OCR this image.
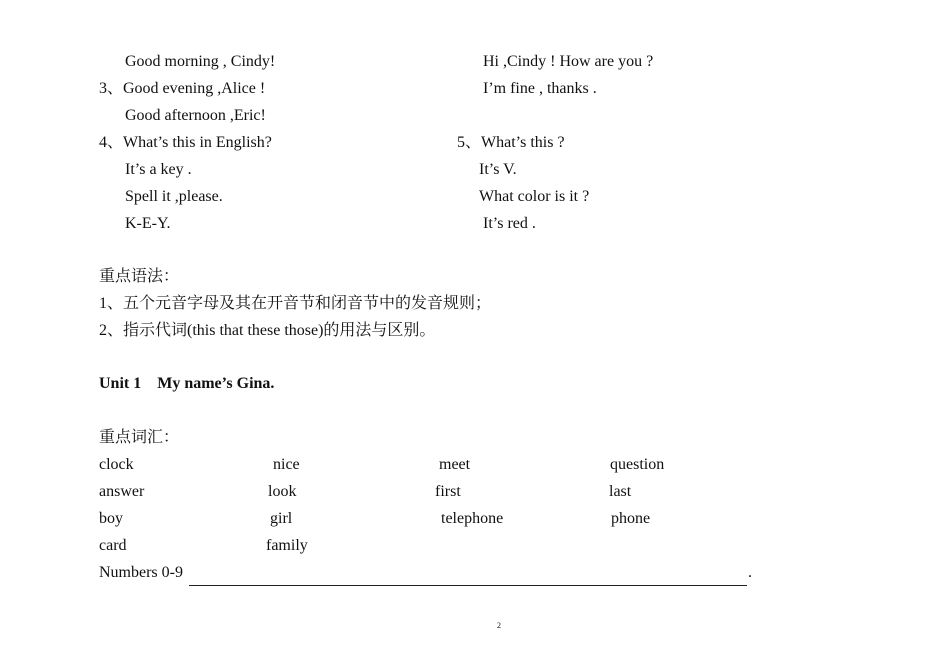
Good morning , Cindy!	Hi ,Cindy ! How are you ?
3、Good evening ,Alice !	I’m fine , thanks .
Good afternoon ,Eric!
4、What’s this in English?
It’s a key .
Spell it ,please.
K-E-Y.
5、What’s this ?
It’s V.
What color is it ?
It’s red .
重点语法：
1、五个元音字母及其在开音节和闭音节中的发音规则；
2、指示代词(this that these those)的用法与区别。
Unit 1    My name’s Gina.
重点词汇：
clock	nice	meet	question
answer	look	first	last
boy	girl	telephone	phone
card	family
Numbers 0-9	.
2
